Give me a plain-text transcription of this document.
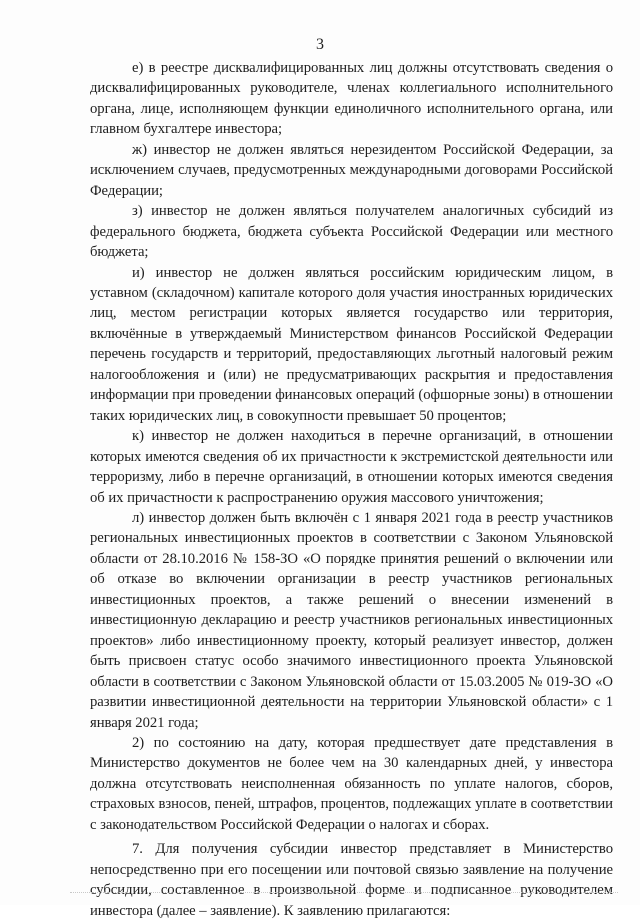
3

е) в реестре дисквалифицированных лиц должны отсутствовать сведения о дисквалифицированных руководителе, членах коллегиального исполнительного органа, лице, исполняющем функции единоличного исполнительного органа, или главном бухгалтере инвестора;

ж) инвестор не должен являться нерезидентом Российской Федерации, за исключением случаев, предусмотренных международными договорами Российской Федерации;

з) инвестор не должен являться получателем аналогичных субсидий из федерального бюджета, бюджета субъекта Российской Федерации или местного бюджета;

и) инвестор не должен являться российским юридическим лицом, в уставном (складочном) капитале которого доля участия иностранных юридических лиц, местом регистрации которых является государство или территория, включённые в утверждаемый Министерством финансов Российской Федерации перечень государств и территорий, предоставляющих льготный налоговый режим налогообложения и (или) не предусматривающих раскрытия и предоставления информации при проведении финансовых операций (офшорные зоны) в отношении таких юридических лиц, в совокупности превышает 50 процентов;

к) инвестор не должен находиться в перечне организаций, в отношении которых имеются сведения об их причастности к экстремистской деятельности или терроризму, либо в перечне организаций, в отношении которых имеются сведения об их причастности к распространению оружия массового уничтожения;

л) инвестор должен быть включён с 1 января 2021 года в реестр участников региональных инвестиционных проектов в соответствии с Законом Ульяновской области от 28.10.2016 № 158-ЗО «О порядке принятия решений о включении или об отказе во включении организации в реестр участников региональных инвестиционных проектов, а также решений о внесении изменений в инвестиционную декларацию и реестр участников региональных инвестиционных проектов» либо инвестиционному проекту, который реализует инвестор, должен быть присвоен статус особо значимого инвестиционного проекта Ульяновской области в соответствии с Законом Ульяновской области от 15.03.2005 № 019-ЗО «О развитии инвестиционной деятельности на территории Ульяновской области» с 1 января 2021 года;

2) по состоянию на дату, которая предшествует дате представления в Министерство документов не более чем на 30 календарных дней, у инвестора должна отсутствовать неисполненная обязанность по уплате налогов, сборов, страховых взносов, пеней, штрафов, процентов, подлежащих уплате в соответствии с законодательством Российской Федерации о налогах и сборах.

7. Для получения субсидии инвестор представляет в Министерство непосредственно при его посещении или почтовой связью заявление на получение субсидии, составленное в произвольной форме и подписанное руководителем инвестора (далее – заявление). К заявлению прилагаются:
